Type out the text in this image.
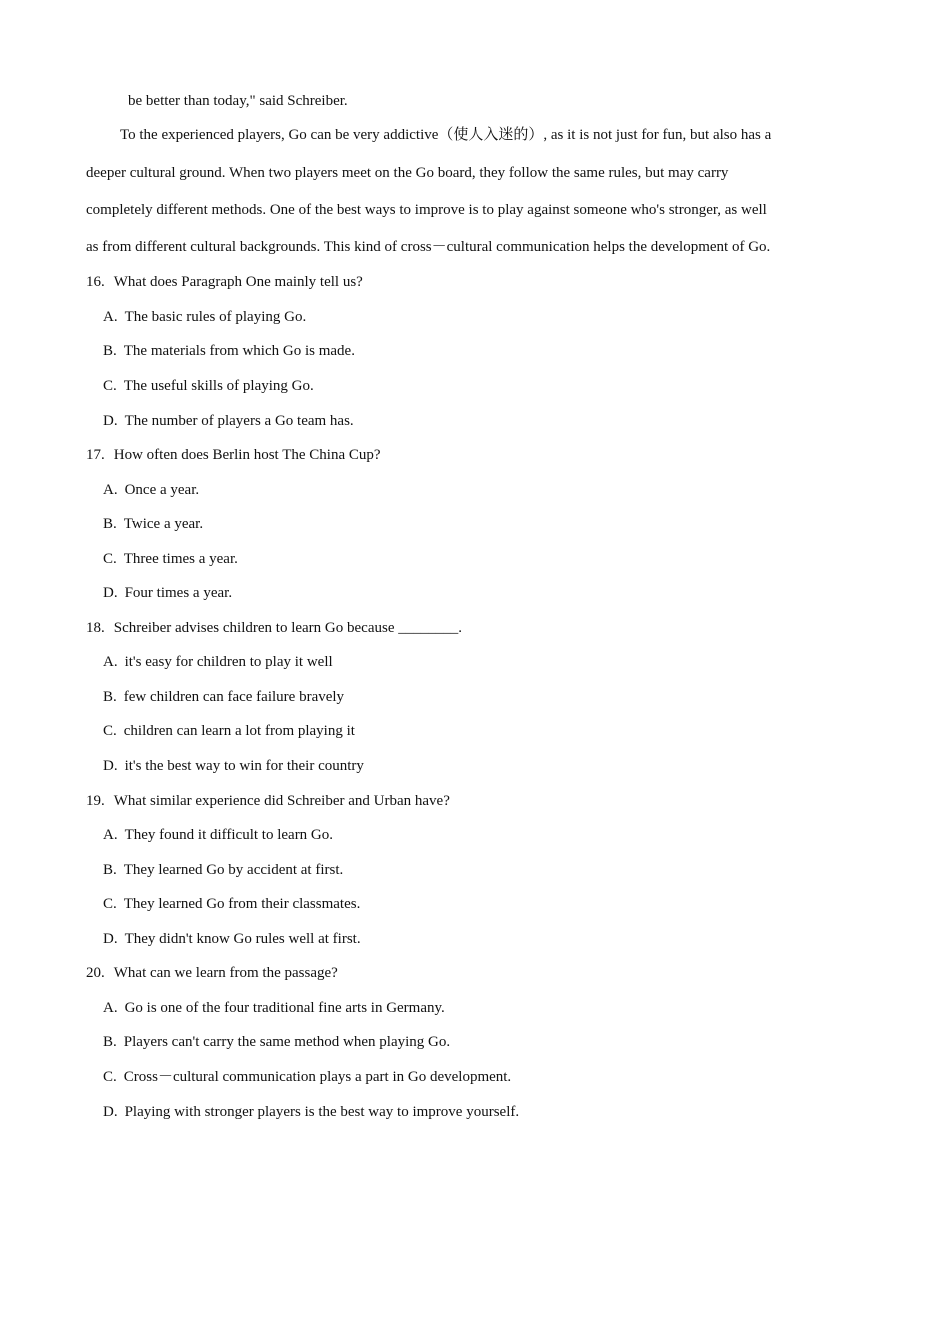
be better than today," said Schreiber.
To the experienced players, Go can be very addictive（使人入迷的）, as it is not just for fun, but also has a
deeper cultural ground. When two players meet on the Go board, they follow the same rules, but may carry
completely different methods. One of the best ways to improve is to play against someone who's stronger, as well
as from different cultural backgrounds. This kind of cross－cultural communication helps the development of Go.
16. What does Paragraph One mainly tell us?
A. The basic rules of playing Go.
B. The materials from which Go is made.
C. The useful skills of playing Go.
D. The number of players a Go team has.
17. How often does Berlin host The China Cup?
A. Once a year.
B. Twice a year.
C. Three times a year.
D. Four times a year.
18. Schreiber advises children to learn Go because ________.
A. it's easy for children to play it well
B. few children can face failure bravely
C. children can learn a lot from playing it
D. it's the best way to win for their country
19. What similar experience did Schreiber and Urban have?
A. They found it difficult to learn Go.
B. They learned Go by accident at first.
C. They learned Go from their classmates.
D. They didn't know Go rules well at first.
20. What can we learn from the passage?
A. Go is one of the four traditional fine arts in Germany.
B. Players can't carry the same method when playing Go.
C. Cross－cultural communication plays a part in Go development.
D. Playing with stronger players is the best way to improve yourself.
